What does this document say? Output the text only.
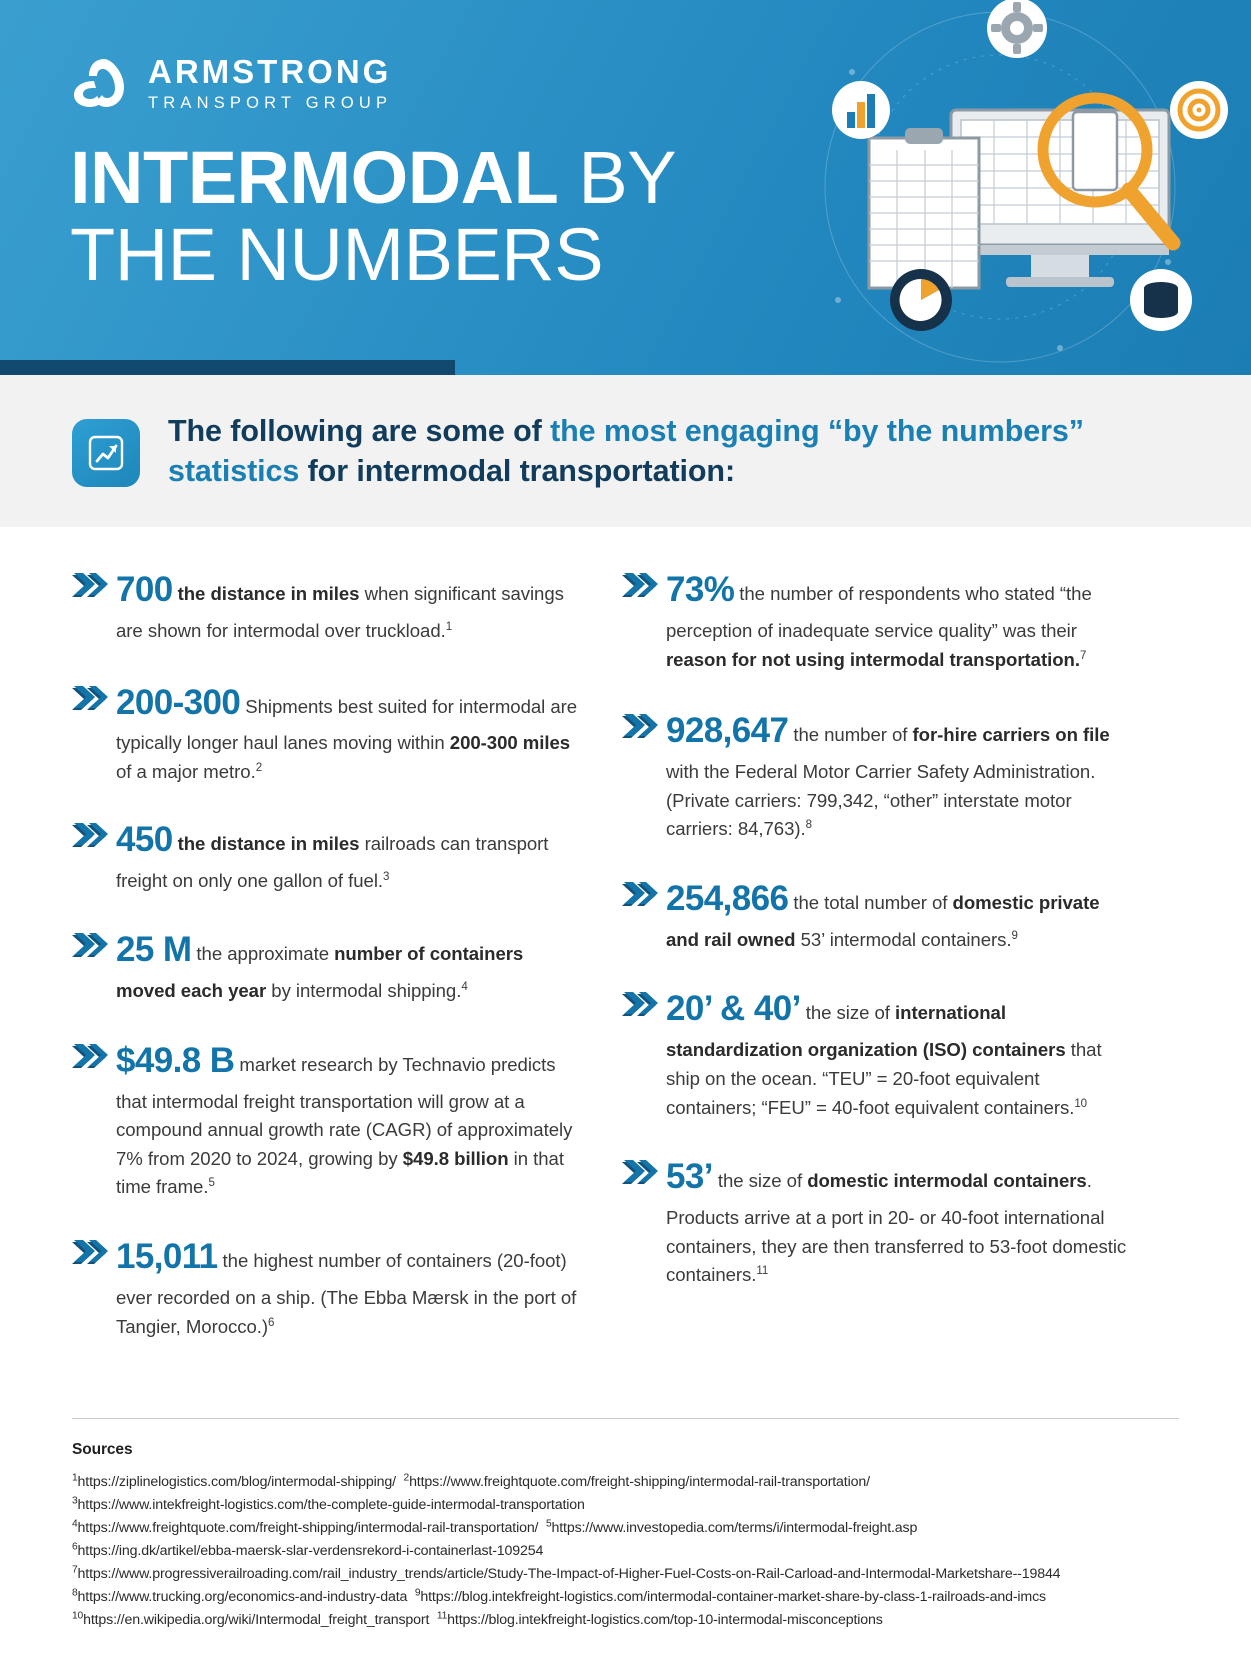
ARMSTRONG
TRANSPORT GROUP
INTERMODAL BY
THE NUMBERS
The following are some of the most engaging “by the numbers” statistics for intermodal transportation:
700 the distance in miles when significant savings are shown for intermodal over truckload.$^1$
200-300 Shipments best suited for intermodal are typically longer haul lanes moving within 200-300 miles of a major metro.$^2$
450 the distance in miles railroads can transport freight on only one gallon of fuel.$^3$
25 M the approximate number of containers moved each year by intermodal shipping.$^4$
$49.8 B market research by Technavio predicts that intermodal freight transportation will grow at a compound annual growth rate (CAGR) of approximately 7% from 2020 to 2024, growing by $49.8 billion in that time frame.$^5$
15,011 the highest number of containers (20-foot) ever recorded on a ship. (The Ebba Mærsk in the port of Tangier, Morocco.)$^6$
73% the number of respondents who stated “the perception of inadequate service quality” was their reason for not using intermodal transportation.$^7$
928,647 the number of for-hire carriers on file with the Federal Motor Carrier Safety Administration. (Private carriers: 799,342, “other” interstate motor carriers: 84,763).$^8$
254,866 the total number of domestic private and rail owned 53’ intermodal containers.$^9$
20’ & 40’ the size of international standardization organization (ISO) containers that ship on the ocean. “TEU” = 20-foot equivalent containers; “FEU” = 40-foot equivalent containers.$^{10}$
53’ the size of domestic intermodal containers. Products arrive at a port in 20- or 40-foot international containers, they are then transferred to 53-foot domestic containers.$^{11}$
Sources
$^1$https://ziplinelogistics.com/blog/intermodal-shipping/ $^2$https://www.freightquote.com/freight-shipping/intermodal-rail-transportation/
$^3$https://www.intekfreight-logistics.com/the-complete-guide-intermodal-transportation
$^4$https://www.freightquote.com/freight-shipping/intermodal-rail-transportation/ $^5$https://www.investopedia.com/terms/i/intermodal-freight.asp
$^6$https://ing.dk/artikel/ebba-maersk-slar-verdensrekord-i-containerlast-109254
$^7$https://www.progressiverailroading.com/rail_industry_trends/article/Study-The-Impact-of-Higher-Fuel-Costs-on-Rail-Carload-and-Intermodal-Marketshare--19844
$^8$https://www.trucking.org/economics-and-industry-data $^9$https://blog.intekfreight-logistics.com/intermodal-container-market-share-by-class-1-railroads-and-imcs
$^{10}$https://en.wikipedia.org/wiki/Intermodal_freight_transport $^{11}$https://blog.intekfreight-logistics.com/top-10-intermodal-misconceptions
